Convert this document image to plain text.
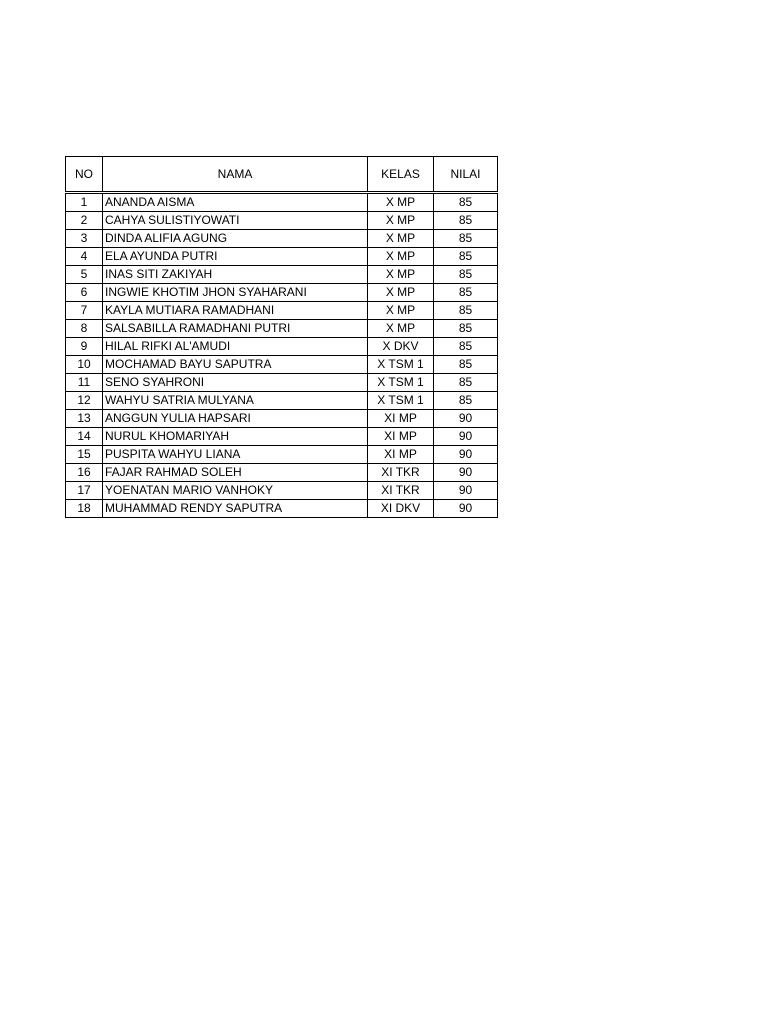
NO	NAMA	KELAS	NILAI
1	ANANDA AISMA	X MP	85
2	CAHYA SULISTIYOWATI	X MP	85
3	DINDA ALIFIA AGUNG	X MP	85
4	ELA AYUNDA PUTRI	X MP	85
5	INAS SITI ZAKIYAH	X MP	85
6	INGWIE KHOTIM JHON SYAHARANI	X MP	85
7	KAYLA MUTIARA RAMADHANI	X MP	85
8	SALSABILLA RAMADHANI PUTRI	X MP	85
9	HILAL RIFKI AL'AMUDI	X DKV	85
10	MOCHAMAD BAYU SAPUTRA	X TSM 1	85
11	SENO SYAHRONI	X TSM 1	85
12	WAHYU SATRIA MULYANA	X TSM 1	85
13	ANGGUN YULIA HAPSARI	XI MP	90
14	NURUL KHOMARIYAH	XI MP	90
15	PUSPITA WAHYU LIANA	XI MP	90
16	FAJAR RAHMAD SOLEH	XI TKR	90
17	YOENATAN MARIO VANHOKY	XI TKR	90
18	MUHAMMAD RENDY SAPUTRA	XI DKV	90
